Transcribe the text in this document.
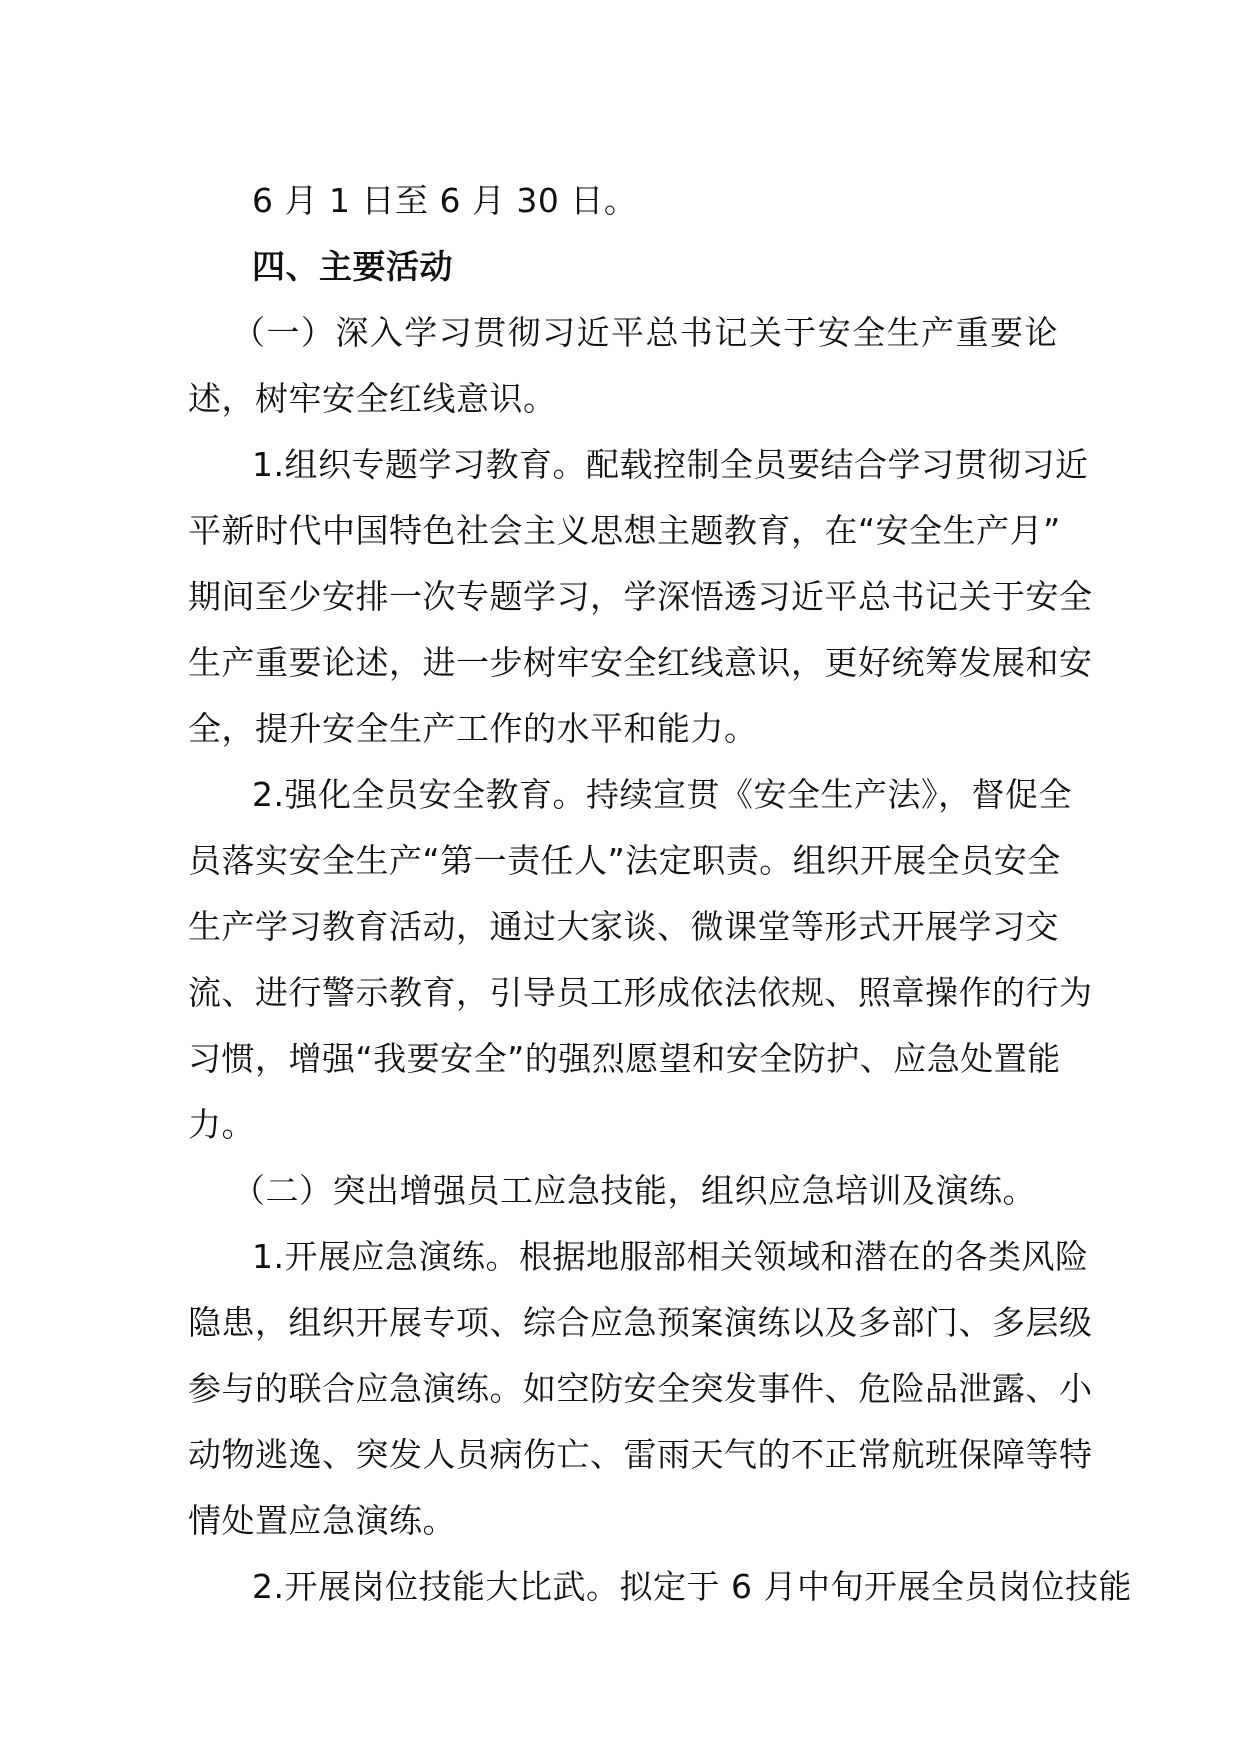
6 月 1 日至 6 月 30 日。
四、主要活动
（一）深入学习贯彻习近平总书记关于安全生产重要论
述，树牢安全红线意识。
1.组织专题学习教育。配载控制全员要结合学习贯彻习近
平新时代中国特色社会主义思想主题教育，在“安全生产月”
期间至少安排一次专题学习，学深悟透习近平总书记关于安全
生产重要论述，进一步树牢安全红线意识，更好统筹发展和安
全，提升安全生产工作的水平和能力。
2.强化全员安全教育。持续宣贯《安全生产法》，督促全
员落实安全生产“第一责任人”法定职责。组织开展全员安全
生产学习教育活动，通过大家谈、微课堂等形式开展学习交
流、进行警示教育，引导员工形成依法依规、照章操作的行为
习惯，增强“我要安全”的强烈愿望和安全防护、应急处置能
力。
（二）突出增强员工应急技能，组织应急培训及演练。
1.开展应急演练。根据地服部相关领域和潜在的各类风险
隐患，组织开展专项、综合应急预案演练以及多部门、多层级
参与的联合应急演练。如空防安全突发事件、危险品泄露、小
动物逃逸、突发人员病伤亡、雷雨天气的不正常航班保障等特
情处置应急演练。
2.开展岗位技能大比武。拟定于 6 月中旬开展全员岗位技能
